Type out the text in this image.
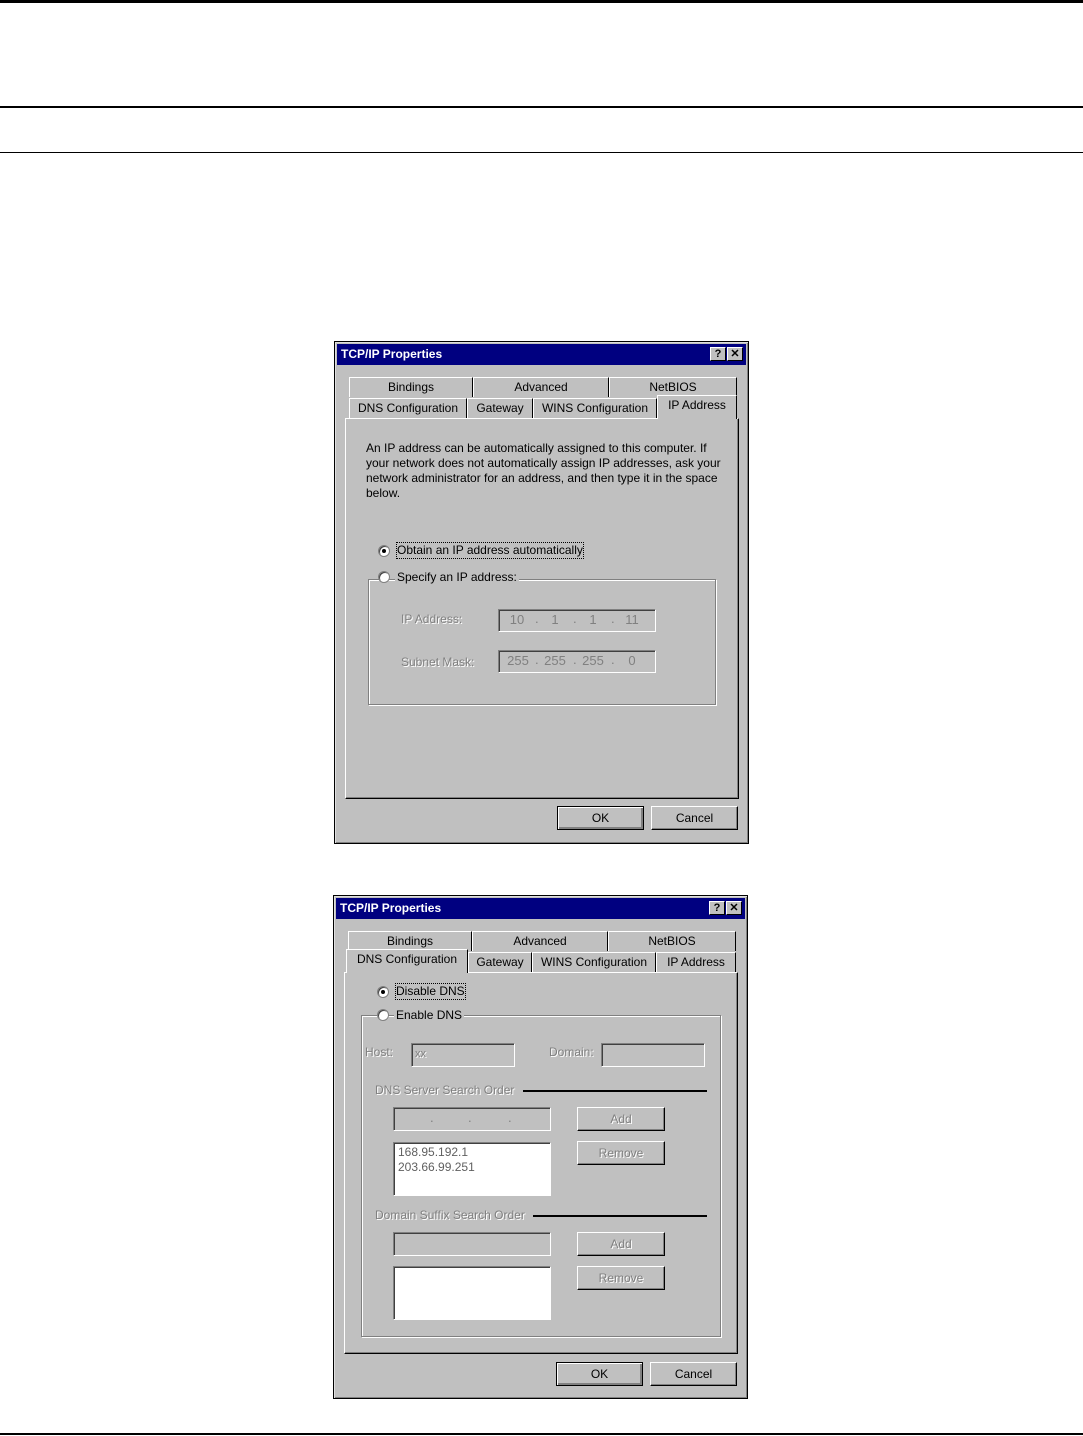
TCP/IP Properties	? ✕
Bindings	Advanced	NetBIOS
DNS Configuration	Gateway	WINS Configuration	IP Address
An IP address can be automatically assigned to this computer. If your network does not automatically assign IP addresses, ask your network administrator for an address, and then type it in the space below.
Obtain an IP address automatically
Specify an IP address:
IP Address:	10 . 1	. 1	. 11
Subnet Mask:	255 . 255 . 255 .	0
OK	Cancel
TCP/IP Properties	? ✕
Bindings	Advanced	NetBIOS
DNS Configuration	Gateway	WINS Configuration	IP Address
Disable DNS
Enable DNS
Host: xx	Domain:
DNS Server Search Order
.	.	.	Add
168.95.192.1
203.66.99.251
Remove
Domain Suffix Search Order
Add
Remove
OK	Cancel
